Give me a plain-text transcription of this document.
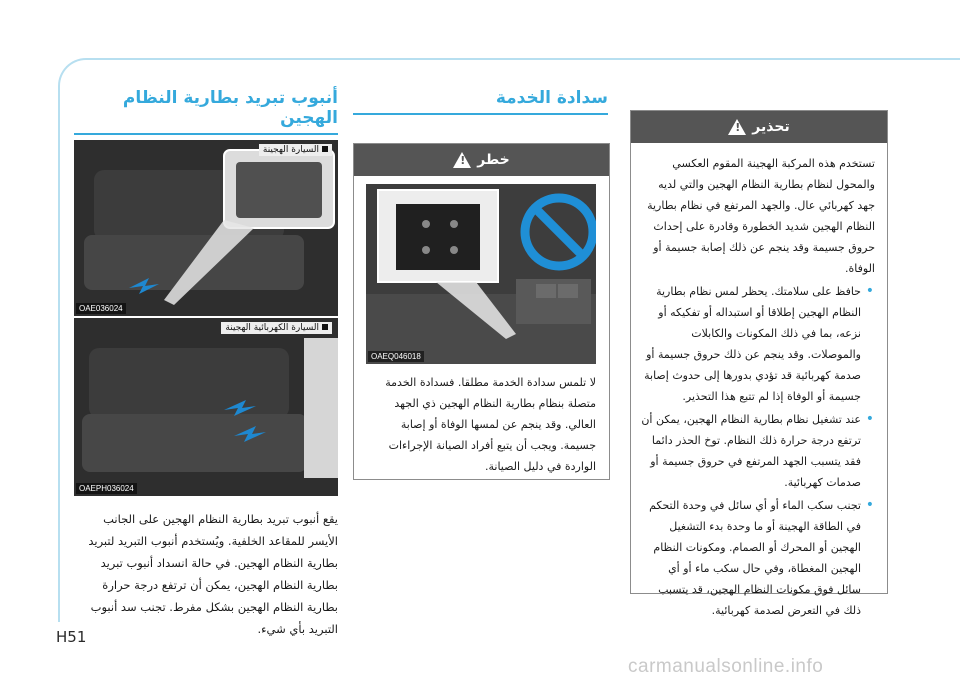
أنبوب تبريد بطارية النظام الهجين
سدادة الخدمة
تحذير
!

تستخدم هذه المركبة الهجينة المقوم العكسي والمحول لنظام بطارية النظام الهجين والتي لديه جهد كهربائي عال. والجهد المرتفع في نظام بطارية النظام الهجين شديد الخطورة وقادرة على إحداث حروق جسيمة وقد ينجم عن ذلك إصابة جسيمة أو الوفاة.

• حافظ على سلامتك. يحظر لمس نظام بطارية النظام الهجين إطلاقا أو استبداله أو تفكيكه أو نزعه، بما في ذلك المكونات والكابلات والموصلات. وقد ينجم عن ذلك حروق جسيمة أو صدمة كهربائية قد تؤدي بدورها إلى حدوث إصابة جسيمة أو الوفاة إذا لم تتبع هذا التحذير.
• عند تشغيل نظام بطارية النظام الهجين، يمكن أن ترتفع درجة حرارة ذلك النظام. توخ الحذر دائما فقد يتسبب الجهد المرتفع في حروق جسيمة أو صدمات كهربائية.
• تجنب سكب الماء أو أي سائل في وحدة التحكم في الطاقة الهجينة أو ما وحدة بدء التشغيل الهجين أو المحرك أو الصمام. ومكونات النظام الهجين المغطاة، وفي حال سكب ماء أو أي سائل فوق مكونات النظام الهجين، قد يتسبب ذلك في التعرض لصدمة كهربائية.
خطر
!
OAEQ046018
لا تلمس سدادة الخدمة مطلقا. فسدادة الخدمة متصلة بنظام بطارية النظام الهجين ذي الجهد العالي. وقد ينجم عن لمسها الوفاة أو إصابة جسيمة. ويجب أن يتبع أفراد الصيانة الإجراءات الواردة في دليل الصيانة.
السيارة الهجينة
OAE036024
السيارة الكهربائية الهجينة
OAEPH036024
يقع أنبوب تبريد بطارية النظام الهجين على الجانب الأيسر للمقاعد الخلفية. ويُستخدم أنبوب التبريد لتبريد بطارية النظام الهجين. في حالة انسداد أنبوب تبريد بطارية النظام الهجين، يمكن أن ترتفع درجة حرارة بطارية النظام الهجين بشكل مفرط. تجنب سد أنبوب التبريد بأي شيء.
H51
carmanualsonline.info
